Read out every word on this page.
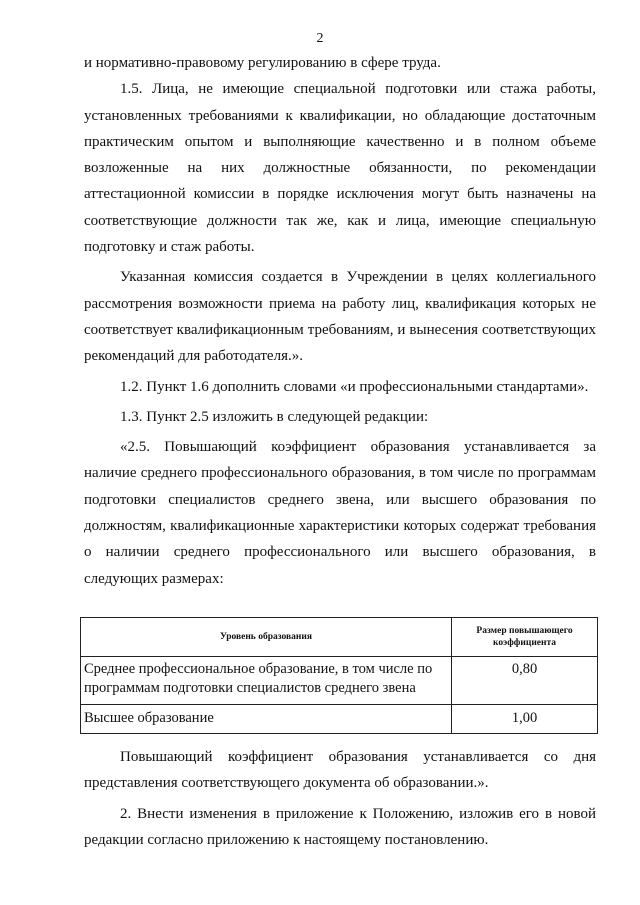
2

и нормативно-правовому регулированию в сфере труда.

1.5. Лица, не имеющие специальной подготовки или стажа работы, установленных требованиями к квалификации, но обладающие достаточным практическим опытом и выполняющие качественно и в полном объеме возложенные на них должностные обязанности, по рекомендации аттестационной комиссии в порядке исключения могут быть назначены на соответствующие должности так же, как и лица, имеющие специальную подготовку и стаж работы.

Указанная комиссия создается в Учреждении в целях коллегиального рассмотрения возможности приема на работу лиц, квалификация которых не соответствует квалификационным требованиям, и вынесения соответствующих рекомендаций для работодателя.».

1.2. Пункт 1.6 дополнить словами «и профессиональными стандартами».

1.3. Пункт 2.5 изложить в следующей редакции:

«2.5. Повышающий коэффициент образования устанавливается за наличие среднего профессионального образования, в том числе по программам подготовки специалистов среднего звена, или высшего образования по должностям, квалификационные характеристики которых содержат требования о наличии среднего профессионального или высшего образования, в следующих размерах:

Уровень образования	Размер повышающего коэффициента
Среднее профессиональное образование, в том числе по программам подготовки специалистов среднего звена	0,80
Высшее образование	1,00

Повышающий коэффициент образования устанавливается со дня представления соответствующего документа об образовании.».

2. Внести изменения в приложение к Положению, изложив его в новой редакции согласно приложению к настоящему постановлению.
